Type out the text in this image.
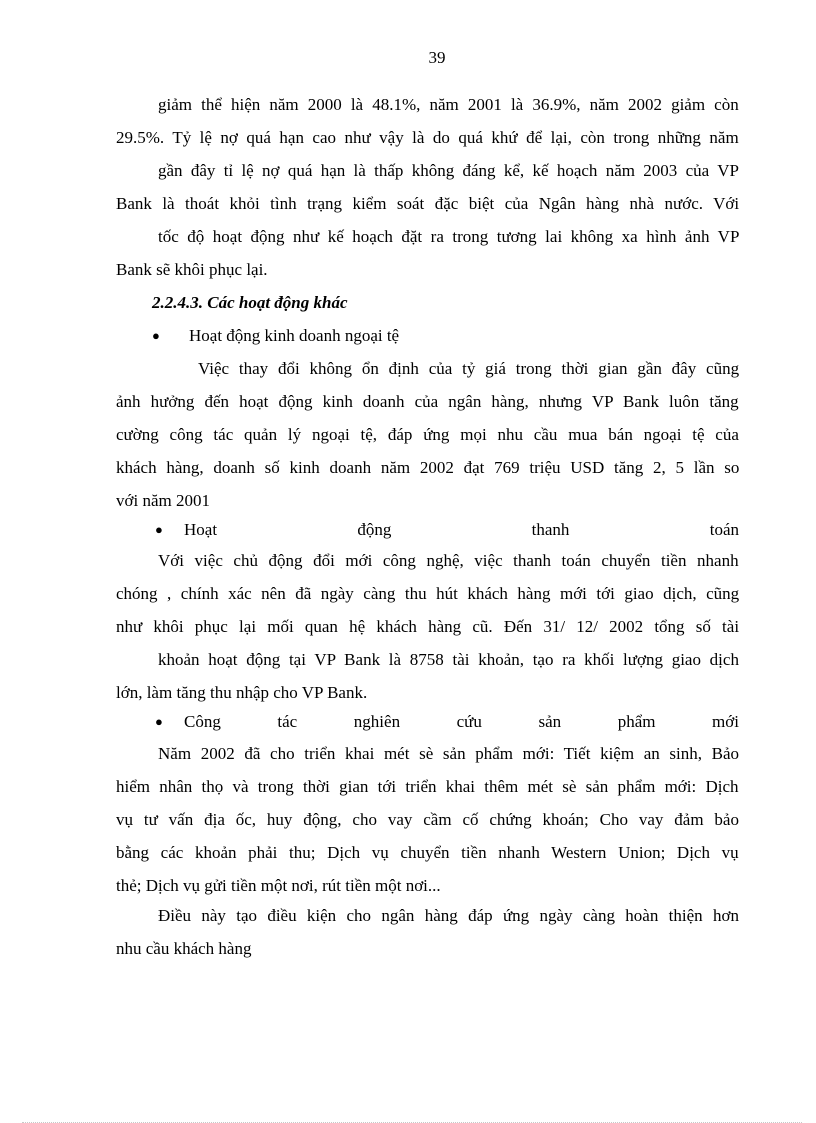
39
giảm thể hiện năm 2000 là 48.1%, năm 2001 là 36.9%, năm 2002 giảm còn
29.5%. Tỷ lệ nợ quá hạn cao như vậy là do quá khứ để lại, còn trong những năm
gần đây tỉ lệ nợ quá hạn là thấp không đáng kể, kế hoạch năm 2003 của VP
Bank là thoát khỏi tình trạng kiểm soát đặc biệt của Ngân hàng nhà nước. Với
tốc độ hoạt động như kế hoạch đặt ra trong tương lai không xa hình ảnh VP
Bank sẽ khôi phục lại.
2.2.4.3. Các hoạt động khác
● Hoạt động kinh doanh ngoại tệ
Việc thay đổi không ổn định của tỷ giá trong thời gian gần đây cũng
ảnh hưởng đến hoạt động kinh doanh của ngân hàng, nhưng VP Bank luôn tăng
cường công tác quản lý ngoại tệ, đáp ứng mọi nhu cầu mua bán ngoại tệ của
khách hàng, doanh số kinh doanh năm 2002 đạt 769 triệu USD tăng 2, 5 lần so
với năm 2001
● Hoạt	động	thanh	toán
Với việc chủ động đổi mới công nghệ, việc thanh toán chuyển tiền nhanh
chóng , chính xác nên đã ngày càng thu hút khách hàng mới tới giao dịch, cũng
như khôi phục lại mối quan hệ khách hàng cũ. Đến 31/ 12/ 2002 tổng số tài
khoản hoạt động tại VP Bank là 8758 tài khoản, tạo ra khối lượng giao dịch
lớn, làm tăng thu nhập cho VP Bank.
● Công	tác	nghiên	cứu	sản	phẩm	mới
Năm 2002 đã cho triển khai mét sè sản phẩm mới: Tiết kiệm an sinh, Bảo
hiểm nhân thọ và trong thời gian tới triển khai thêm mét sè sản phẩm mới: Dịch
vụ tư vấn địa ốc, huy động, cho vay cầm cố chứng khoán; Cho vay đảm bảo
bằng các khoản phải thu; Dịch vụ chuyển tiền nhanh Western Union; Dịch vụ
thẻ; Dịch vụ gửi tiền một nơi, rút tiền một nơi...
Điều này tạo điều kiện cho ngân hàng đáp ứng ngày càng hoàn thiện hơn
nhu cầu khách hàng
